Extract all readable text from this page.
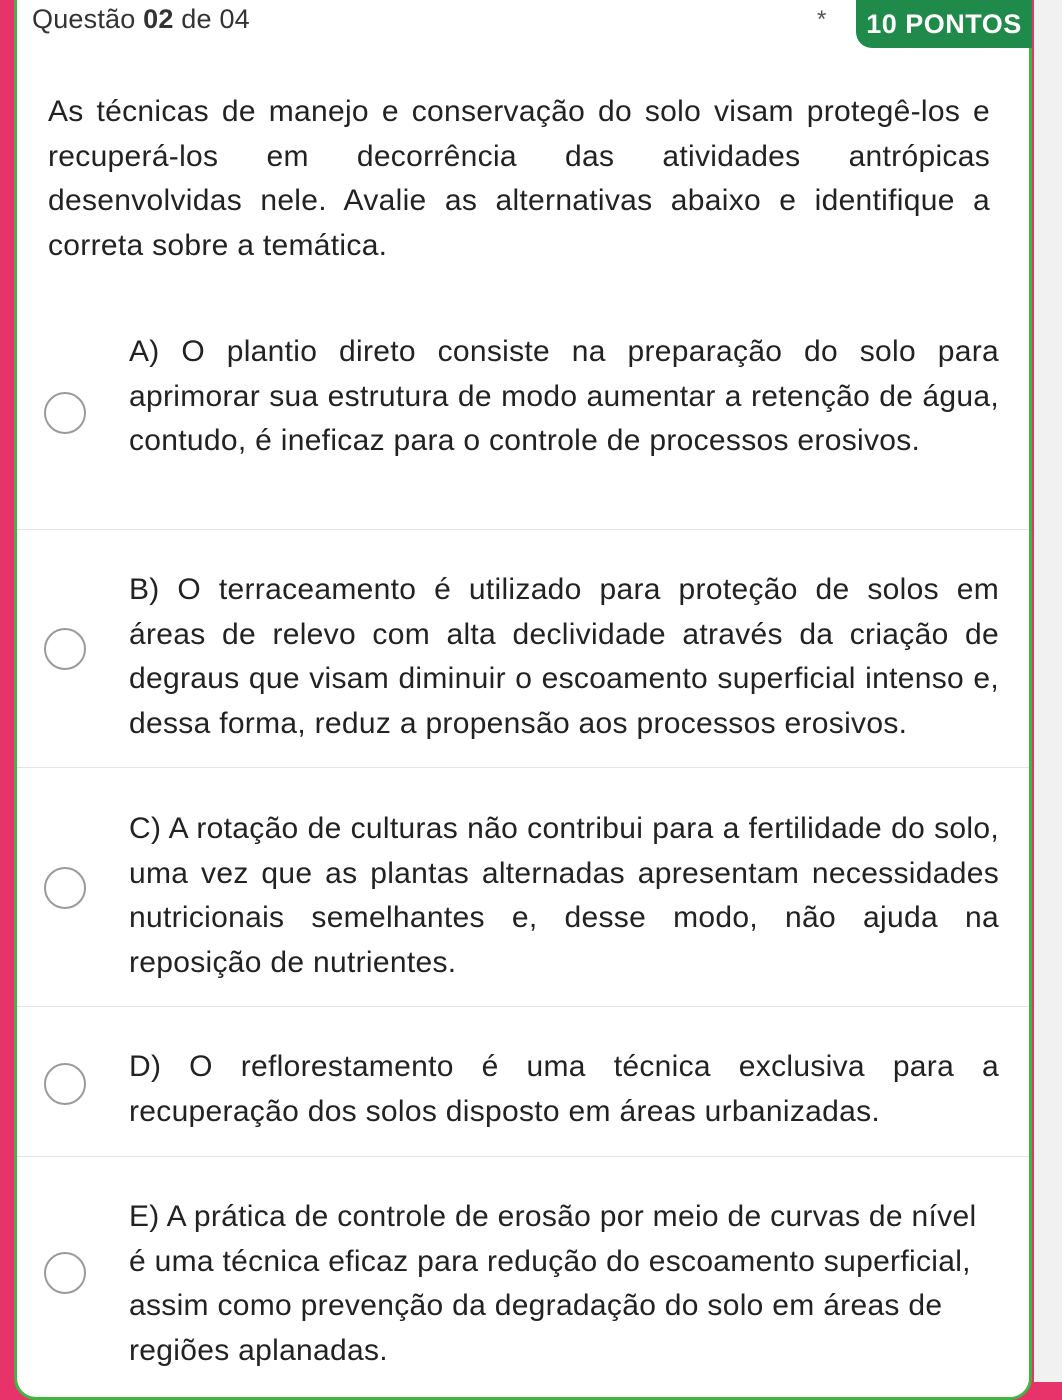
Questão 02 de 04	*	10 PONTOS
As técnicas de manejo e conservação do solo visam protegê-los e recuperá-los em decorrência das atividades antrópicas desenvolvidas nele. Avalie as alternativas abaixo e identifique a correta sobre a temática.
A) O plantio direto consiste na preparação do solo para aprimorar sua estrutura de modo aumentar a retenção de água, contudo, é ineficaz para o controle de processos erosivos.
B) O terraceamento é utilizado para proteção de solos em áreas de relevo com alta declividade através da criação de degraus que visam diminuir o escoamento superficial intenso e, dessa forma, reduz a propensão aos processos erosivos.
C) A rotação de culturas não contribui para a fertilidade do solo, uma vez que as plantas alternadas apresentam necessidades nutricionais semelhantes e, desse modo, não ajuda na reposição de nutrientes.
D) O reflorestamento é uma técnica exclusiva para a recuperação dos solos disposto em áreas urbanizadas.
E) A prática de controle de erosão por meio de curvas de nível é uma técnica eficaz para redução do escoamento superficial, assim como prevenção da degradação do solo em áreas de regiões aplanadas.
